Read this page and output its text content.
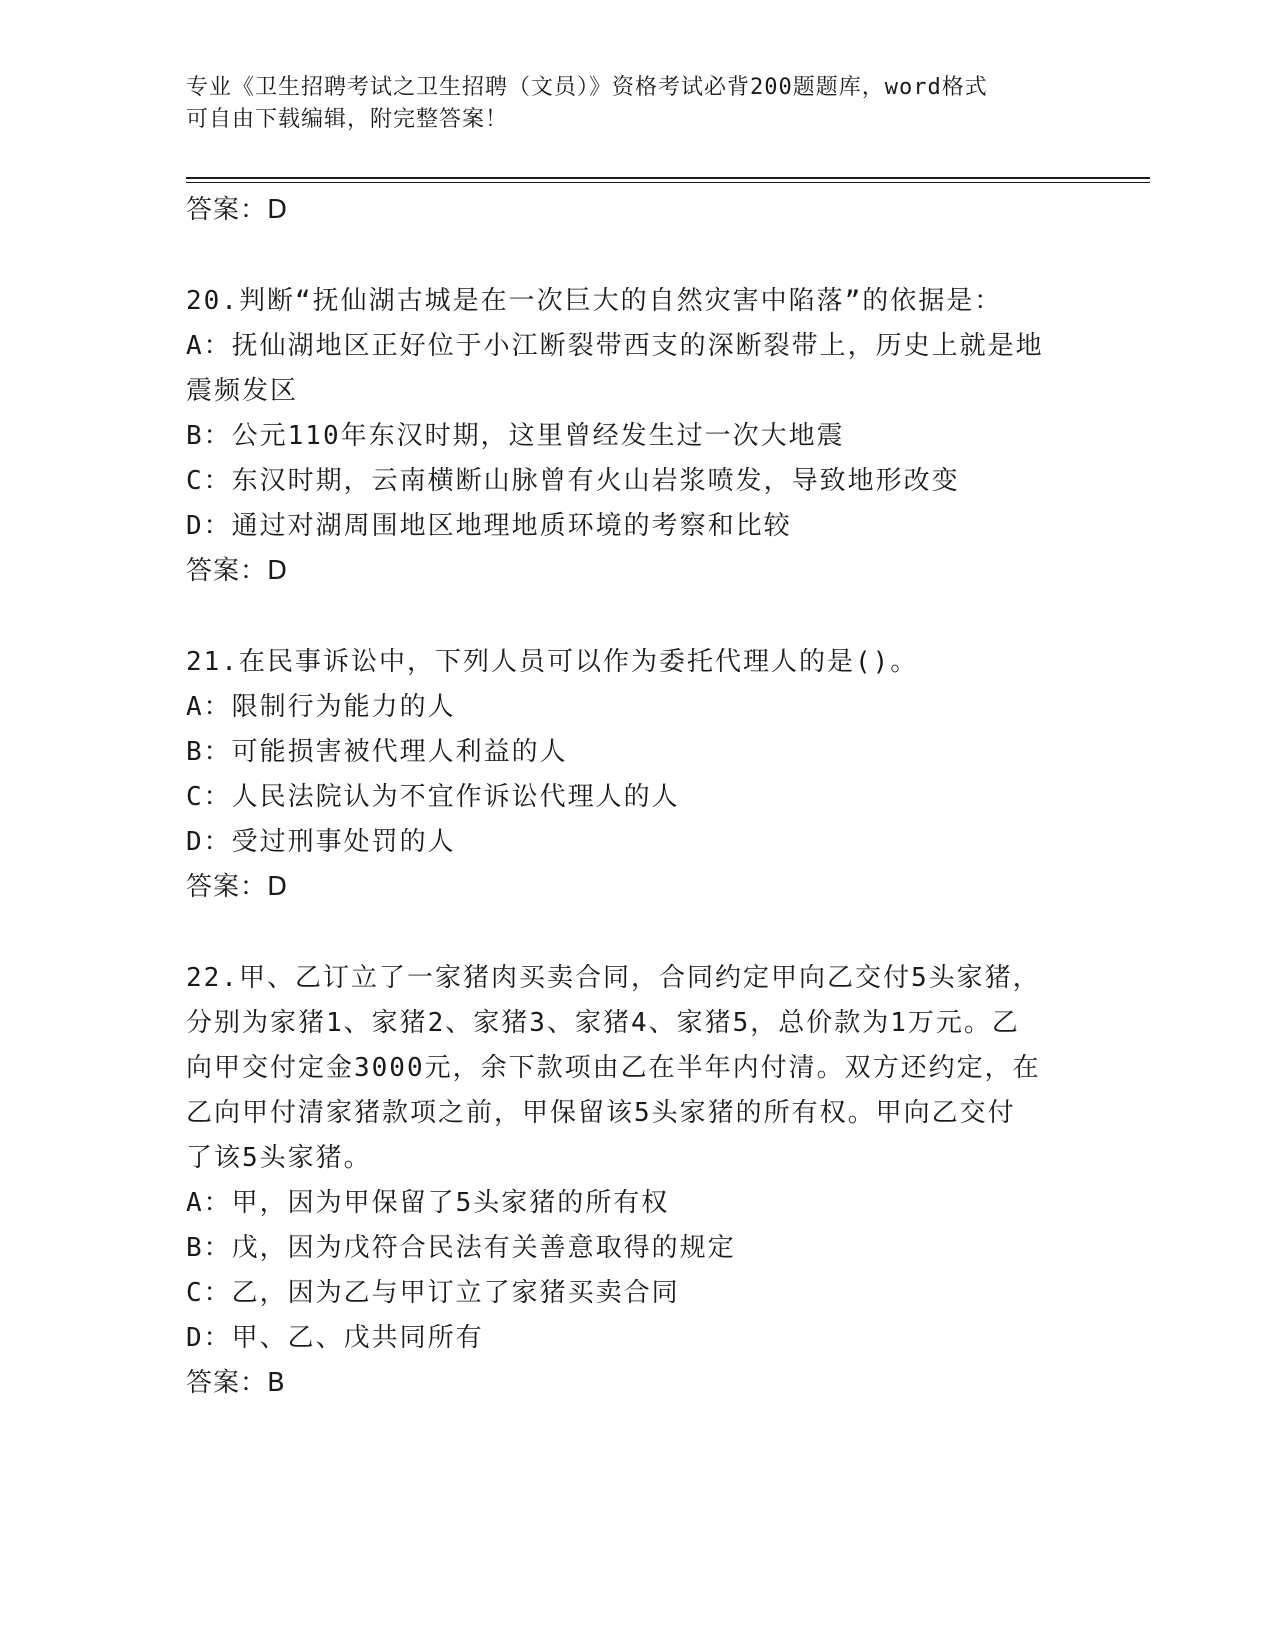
专业《卫生招聘考试之卫生招聘（文员）》资格考试必背200题题库，word格式
可自由下载编辑，附完整答案！
答案：D
20.判断“抚仙湖古城是在一次巨大的自然灾害中陷落”的依据是：
A：抚仙湖地区正好位于小江断裂带西支的深断裂带上，历史上就是地
震频发区
B：公元110年东汉时期，这里曾经发生过一次大地震
C：东汉时期，云南横断山脉曾有火山岩浆喷发，导致地形改变
D：通过对湖周围地区地理地质环境的考察和比较
答案：D
21.在民事诉讼中，下列人员可以作为委托代理人的是()。
A：限制行为能力的人
B：可能损害被代理人利益的人
C：人民法院认为不宜作诉讼代理人的人
D：受过刑事处罚的人
答案：D
22.甲、乙订立了一家猪肉买卖合同，合同约定甲向乙交付5头家猪，
分别为家猪1、家猪2、家猪3、家猪4、家猪5，总价款为1万元。乙
向甲交付定金3000元，余下款项由乙在半年内付清。双方还约定，在
乙向甲付清家猪款项之前，甲保留该5头家猪的所有权。甲向乙交付
了该5头家猪。
A：甲，因为甲保留了5头家猪的所有权
B：戊，因为戊符合民法有关善意取得的规定
C：乙，因为乙与甲订立了家猪买卖合同
D：甲、乙、戊共同所有
答案：B
